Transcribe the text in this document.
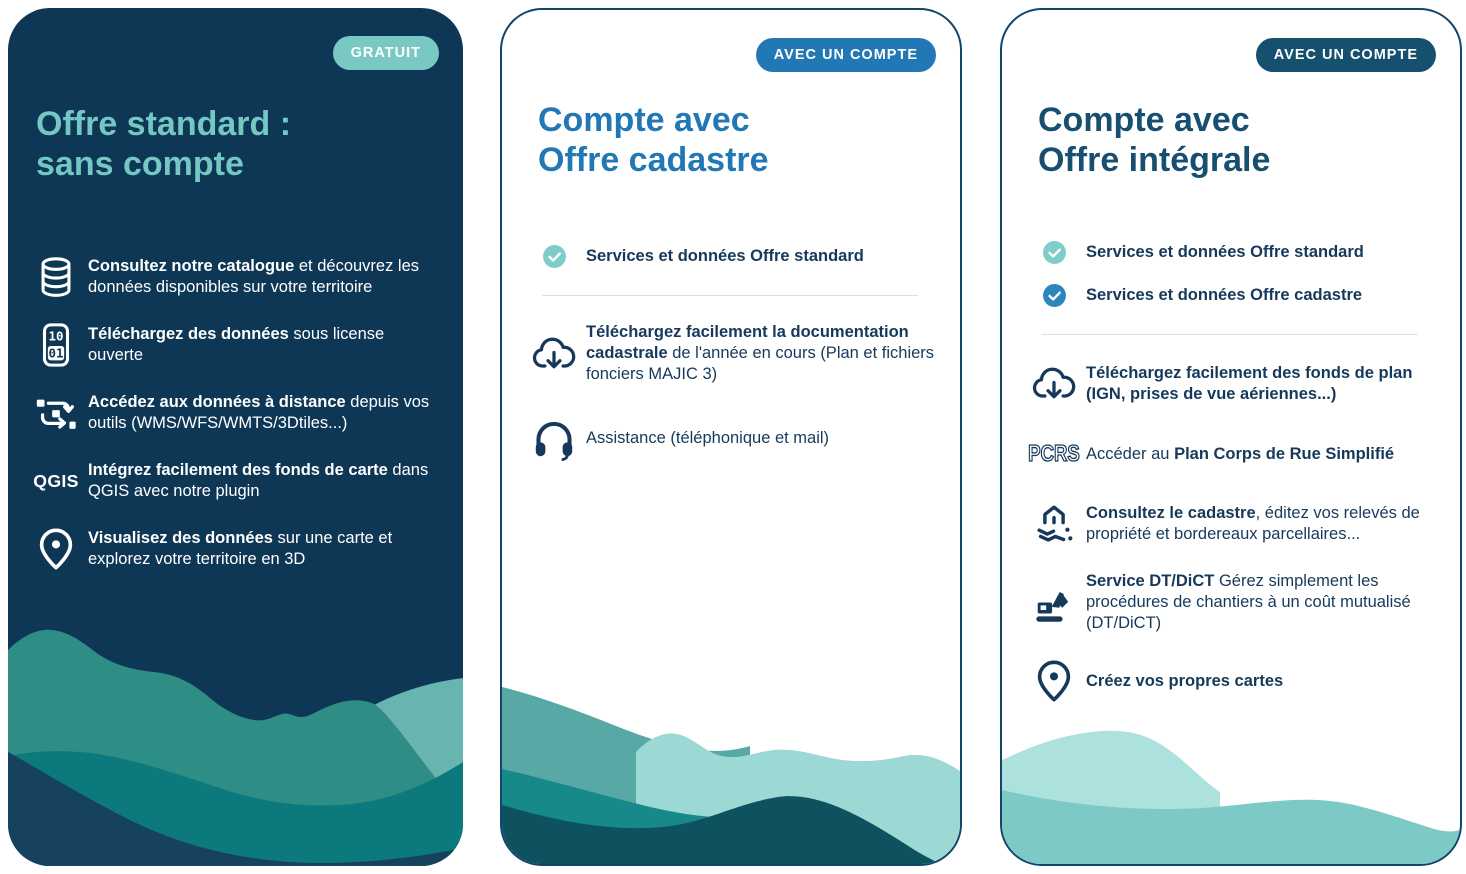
GRATUIT
Offre standard :
sans compte

Consultez notre catalogue et découvrez les données disponibles sur votre territoire

Téléchargez des données sous license ouverte

Accédez aux données à distance depuis vos outils (WMS/WFS/WMTS/3Dtiles...)

Intégrez facilement des fonds de carte dans QGIS avec notre plugin

Visualisez des données sur une carte et explorez votre territoire en 3D

AVEC UN COMPTE
Compte avec
Offre cadastre

Services et données Offre standard

Téléchargez facilement la documentation cadastrale de l'année en cours (Plan et fichiers fonciers MAJIC 3)

Assistance (téléphonique et mail)

AVEC UN COMPTE
Compte avec
Offre intégrale

Services et données Offre standard

Services et données Offre cadastre

Téléchargez facilement des fonds de plan (IGN, prises de vue aériennes...)

Accéder au Plan Corps de Rue Simplifié

Consultez le cadastre, éditez vos relevés de propriété et bordereaux parcellaires...

Service DT/DiCT Gérez simplement les procédures de chantiers à un coût mutualisé (DT/DiCT)

Créez vos propres cartes
